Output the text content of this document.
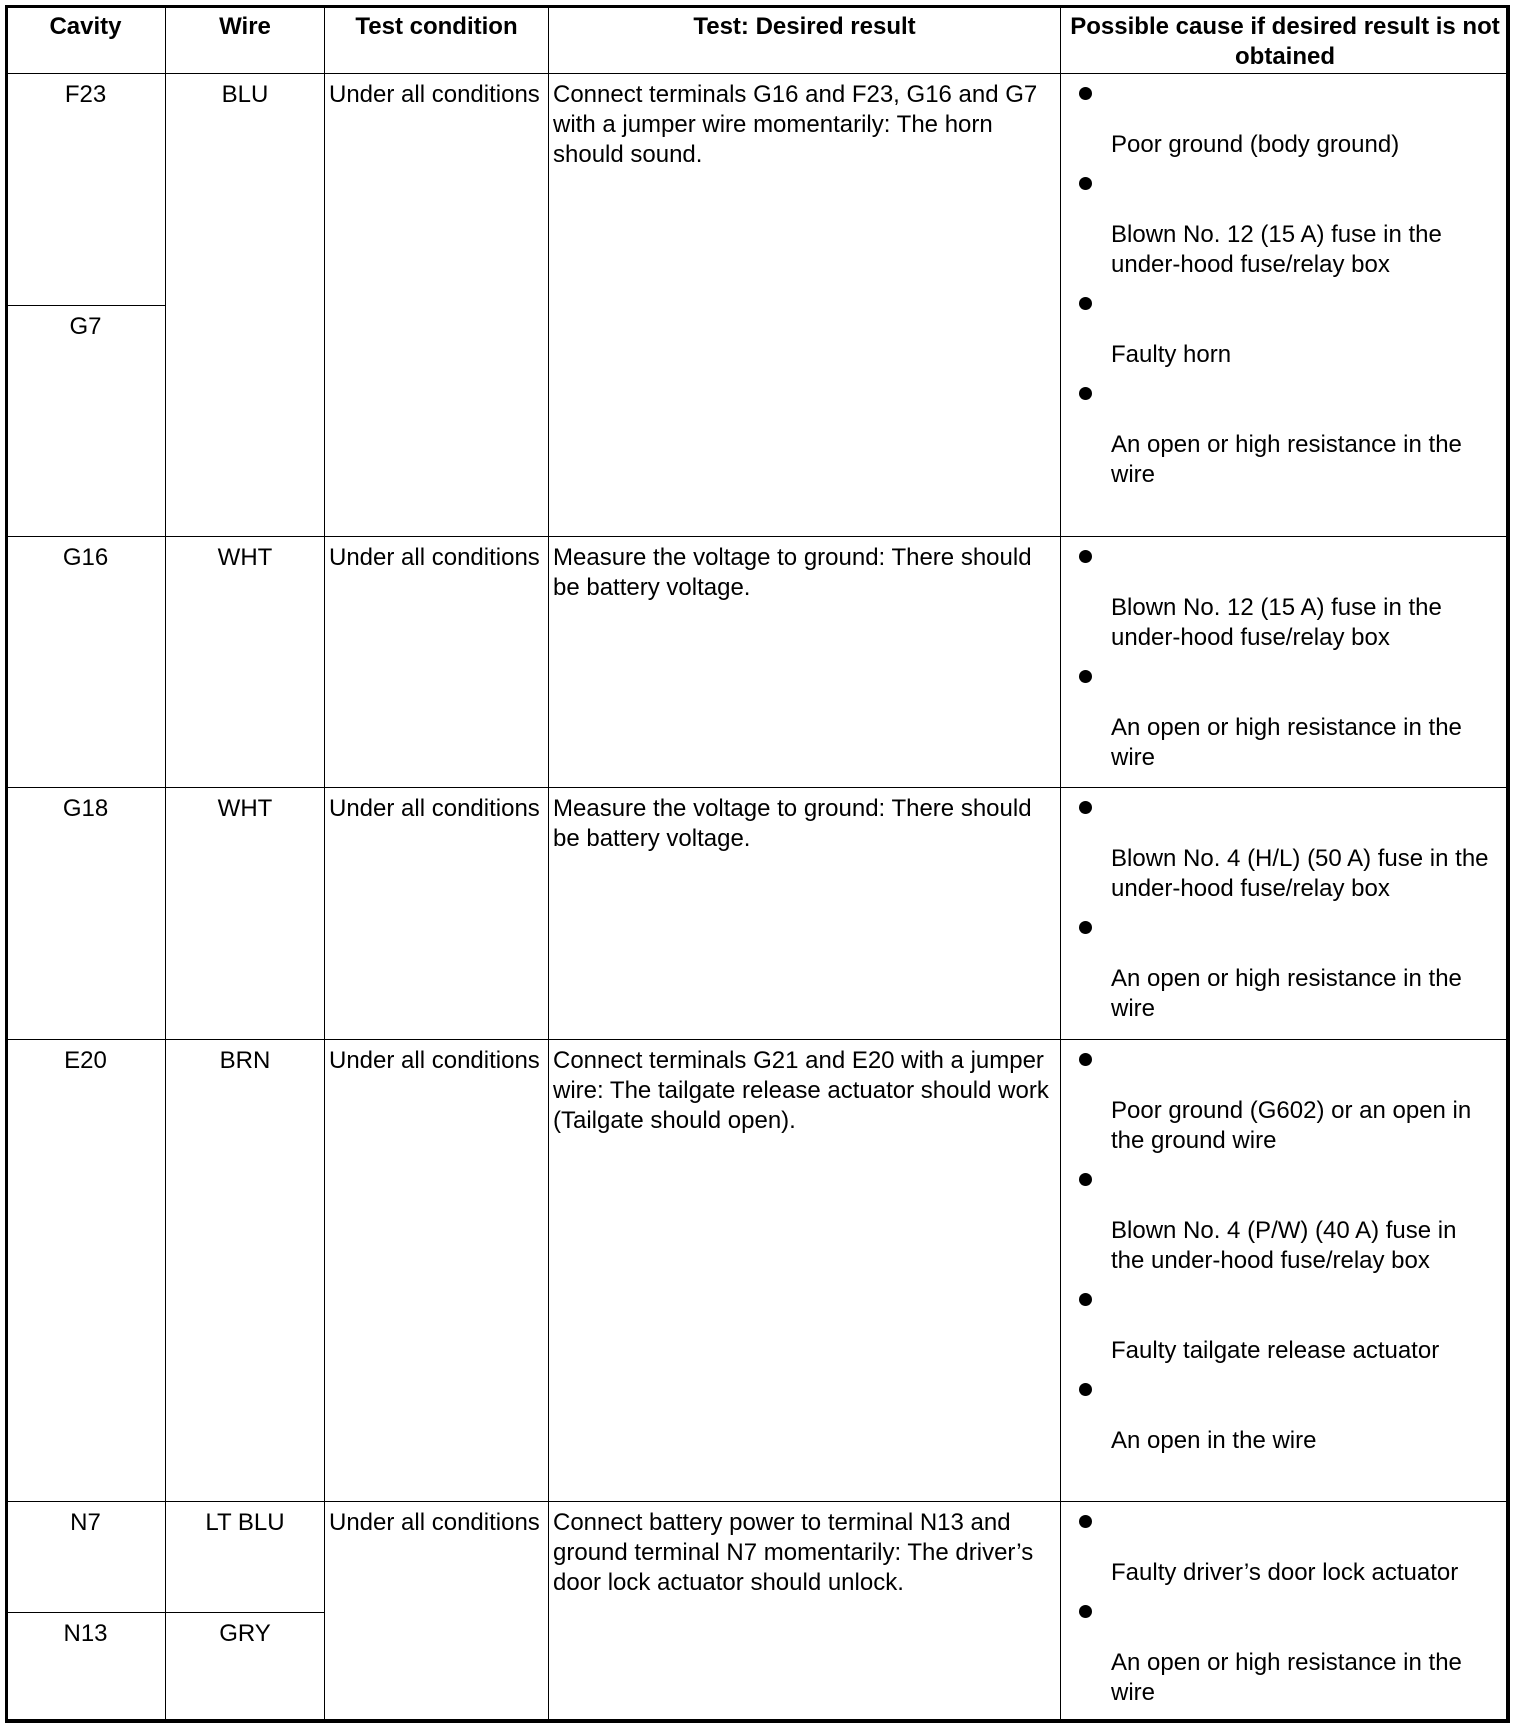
Cavity	Wire	Test condition	Test: Desired result	Possible cause if desired result is not obtained
F23	BLU	Under all conditions	Connect terminals G16 and F23, G16 and G7 with a jumper wire momentarily: The horn should sound.	Poor ground (body ground)
Blown No. 12 (15 A) fuse in the under-hood fuse/relay box
Faulty horn
An open or high resistance in the wire

G7				
G16	WHT	Under all conditions	Measure the voltage to ground: There should be battery voltage.	Blown No. 12 (15 A) fuse in the under-hood fuse/relay box
An open or high resistance in the wire

G18	WHT	Under all conditions	Measure the voltage to ground: There should be battery voltage.	Blown No. 4 (H/L) (50 A) fuse in the under-hood fuse/relay box
An open or high resistance in the wire

E20	BRN	Under all conditions	Connect terminals G21 and E20 with a jumper wire: The tailgate release actuator should work (Tailgate should open).	Poor ground (G602) or an open in the ground wire
Blown No. 4 (P/W) (40 A) fuse in the under-hood fuse/relay box
Faulty tailgate release actuator
An open in the wire

N7	LT BLU	Under all conditions	Connect battery power to terminal N13 and ground terminal N7 momentarily: The driver’s door lock actuator should unlock.	Faulty driver’s door lock actuator
An open or high resistance in the wire

N13	GRY			
